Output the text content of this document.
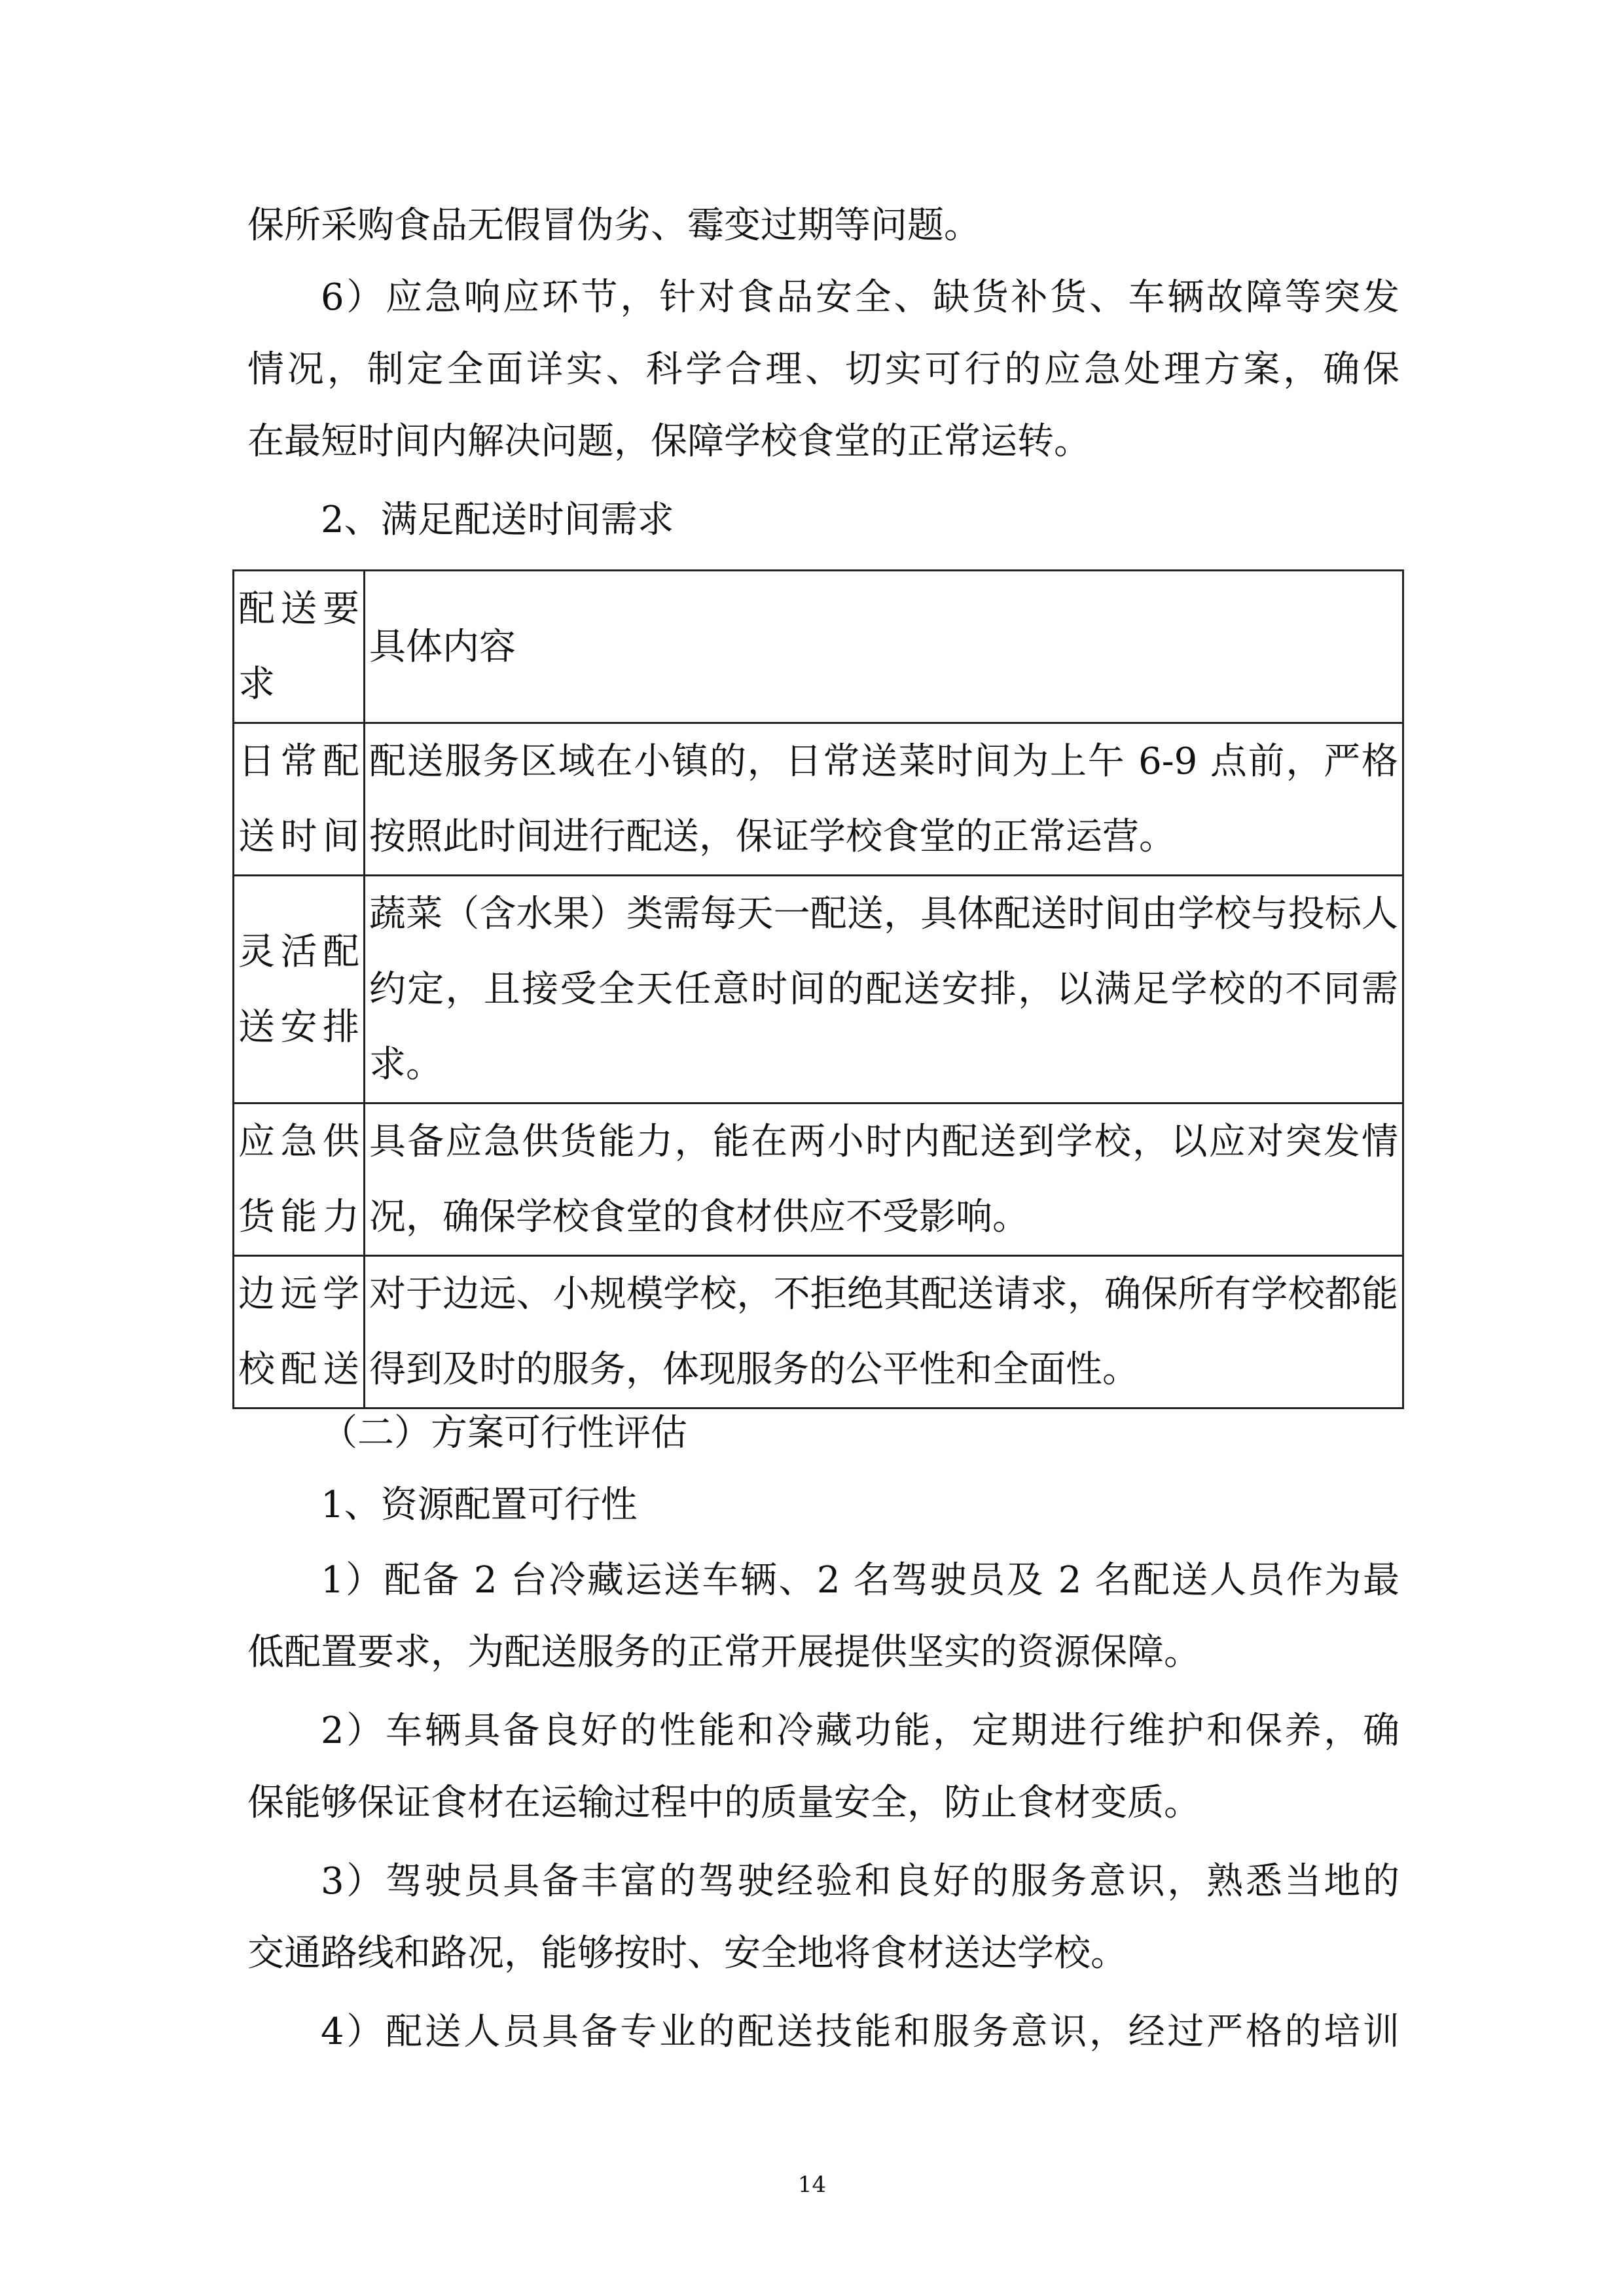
保所采购食品无假冒伪劣、霉变过期等问题。
6）应急响应环节，针对食品安全、缺货补货、车辆故障等突发
情况，制定全面详实、科学合理、切实可行的应急处理方案，确保
在最短时间内解决问题，保障学校食堂的正常运转。
2、满足配送时间需求
配送要求	具体内容
日常配送时间	配送服务区域在小镇的，日常送菜时间为上午 6-9 点前，严格按照此时间进行配送，保证学校食堂的正常运营。
灵活配送安排	蔬菜（含水果）类需每天一配送，具体配送时间由学校与投标人约定，且接受全天任意时间的配送安排，以满足学校的不同需求。
应急供货能力	具备应急供货能力，能在两小时内配送到学校，以应对突发情况，确保学校食堂的食材供应不受影响。
边远学校配送	对于边远、小规模学校，不拒绝其配送请求，确保所有学校都能得到及时的服务，体现服务的公平性和全面性。
（二）方案可行性评估
1、资源配置可行性
1）配备 2 台冷藏运送车辆、2 名驾驶员及 2 名配送人员作为最
低配置要求，为配送服务的正常开展提供坚实的资源保障。
2）车辆具备良好的性能和冷藏功能，定期进行维护和保养，确
保能够保证食材在运输过程中的质量安全，防止食材变质。
3）驾驶员具备丰富的驾驶经验和良好的服务意识，熟悉当地的
交通路线和路况，能够按时、安全地将食材送达学校。
4）配送人员具备专业的配送技能和服务意识，经过严格的培训
14
